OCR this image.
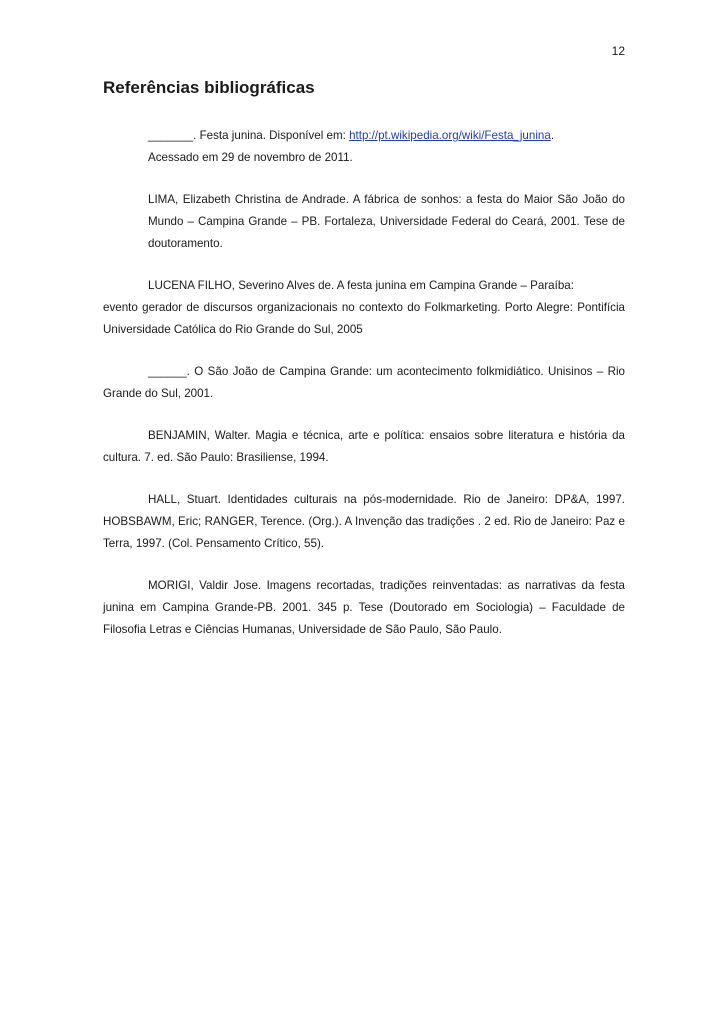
12
Referências bibliográficas

_______. Festa junina. Disponível em: http://pt.wikipedia.org/wiki/Festa_junina.
Acessado em 29 de novembro de 2011.

LIMA, Elizabeth Christina de Andrade. A fábrica de sonhos: a festa do Maior São João do Mundo – Campina Grande – PB. Fortaleza, Universidade Federal do Ceará, 2001. Tese de doutoramento.

LUCENA FILHO, Severino Alves de. A festa junina em Campina Grande – Paraíba:
evento gerador de discursos organizacionais no contexto do Folkmarketing. Porto Alegre: Pontifícia Universidade Católica do Rio Grande do Sul, 2005

______. O São João de Campina Grande: um acontecimento folkmidiático. Unisinos – Rio Grande do Sul, 2001.

BENJAMIN, Walter. Magia e técnica, arte e política: ensaios sobre literatura e história da cultura. 7. ed. São Paulo: Brasiliense, 1994.

HALL, Stuart. Identidades culturais na pós-modernidade. Rio de Janeiro: DP&A, 1997. HOBSBAWM, Eric; RANGER, Terence. (Org.). A Invenção das tradições . 2 ed. Rio de Janeiro: Paz e Terra, 1997. (Col. Pensamento Crítico, 55).

MORIGI, Valdir Jose. Imagens recortadas, tradições reinventadas: as narrativas da festa junina em Campina Grande-PB. 2001. 345 p. Tese (Doutorado em Sociologia) – Faculdade de Filosofia Letras e Ciências Humanas, Universidade de São Paulo, São Paulo.
